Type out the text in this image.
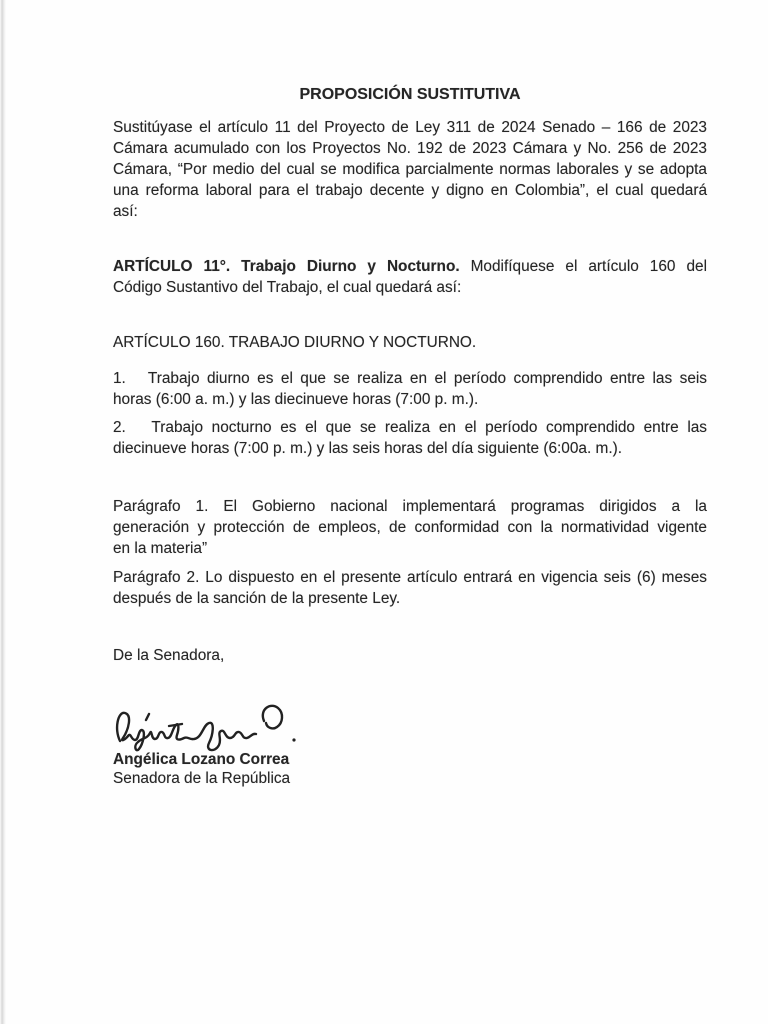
PROPOSICIÓN SUSTITUTIVA
Sustitúyase el artículo 11 del Proyecto de Ley 311 de 2024 Senado – 166 de 2023
Cámara acumulado con los Proyectos No. 192 de 2023 Cámara y No. 256 de 2023
Cámara, “Por medio del cual se modifica parcialmente normas laborales y se adopta
una reforma laboral para el trabajo decente y digno en Colombia”, el cual quedará
así:
ARTÍCULO 11°. Trabajo Diurno y Nocturno. Modifíquese el artículo 160 del
Código Sustantivo del Trabajo, el cual quedará así:
ARTÍCULO 160. TRABAJO DIURNO Y NOCTURNO.
1.   Trabajo diurno es el que se realiza en el período comprendido entre las seis
horas (6:00 a. m.) y las diecinueve horas (7:00 p. m.).
2.   Trabajo nocturno es el que se realiza en el período comprendido entre las
diecinueve horas (7:00 p. m.) y las seis horas del día siguiente (6:00a. m.).
Parágrafo 1. El Gobierno nacional implementará programas dirigidos a la
generación y protección de empleos, de conformidad con la normatividad vigente
en la materia”
Parágrafo 2. Lo dispuesto en el presente artículo entrará en vigencia seis (6) meses
después de la sanción de la presente Ley.
De la Senadora,
Angélica Lozano Correa
Senadora de la República
